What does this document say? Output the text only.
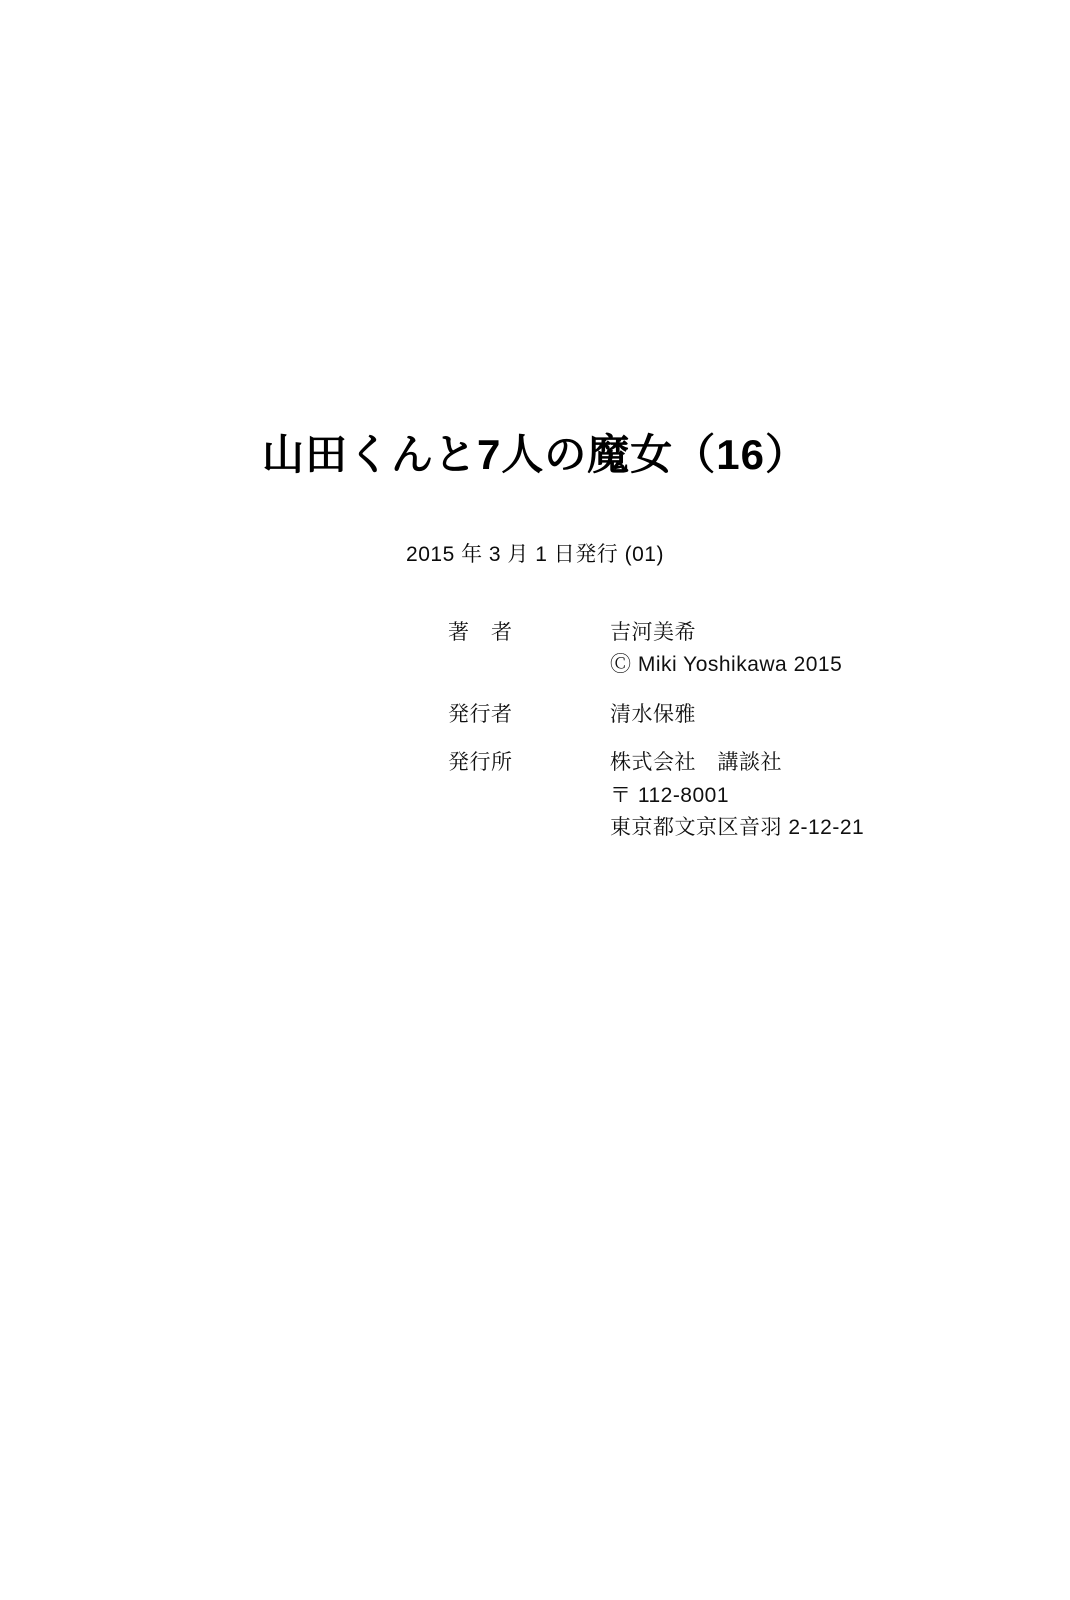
山田くんと7人の魔女（16）
2015 年 3 月 1 日発行 (01)
著　者	吉河美希
Ⓒ Miki Yoshikawa 2015
発行者	清水保雅
発行所	株式会社　講談社
〒 112-8001
東京都文京区音羽 2-12-21
